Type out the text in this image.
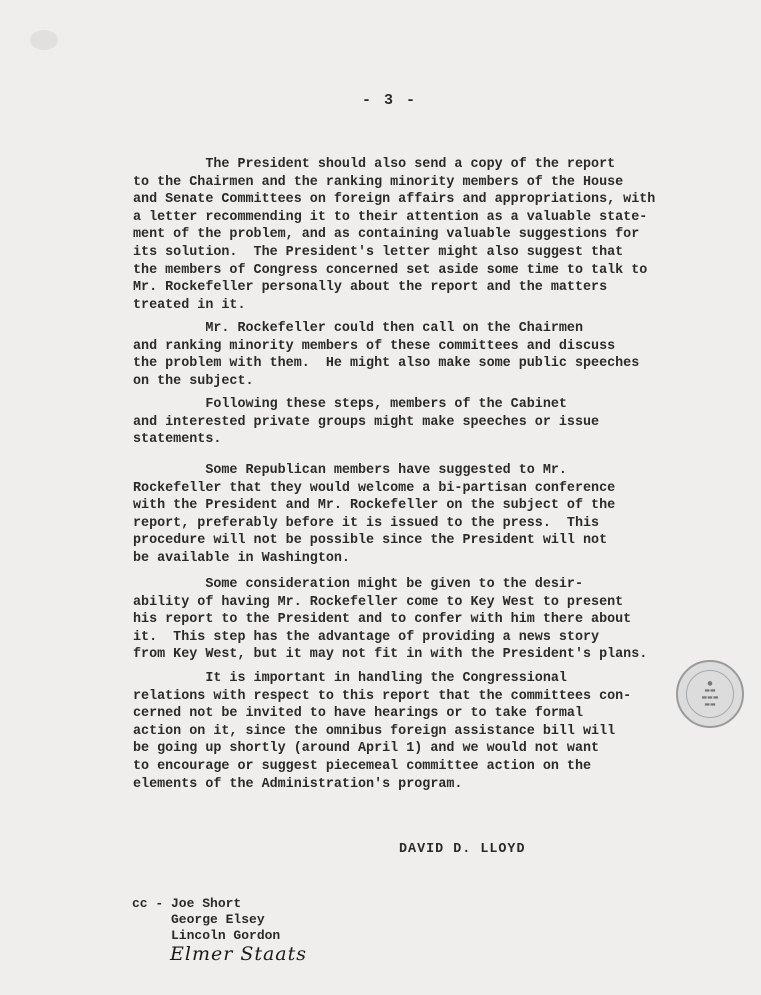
- 3 -

The President should also send a copy of the report
to the Chairmen and the ranking minority members of the House
and Senate Committees on foreign affairs and appropriations, with
a letter recommending it to their attention as a valuable state-
ment of the problem, and as containing valuable suggestions for
its solution.  The President's letter might also suggest that
the members of Congress concerned set aside some time to talk to
Mr. Rockefeller personally about the report and the matters
treated in it.

Mr. Rockefeller could then call on the Chairmen
and ranking minority members of these committees and discuss
the problem with them.  He might also make some public speeches
on the subject.

Following these steps, members of the Cabinet
and interested private groups might make speeches or issue
statements.

Some Republican members have suggested to Mr.
Rockefeller that they would welcome a bi-partisan conference
with the President and Mr. Rockefeller on the subject of the
report, preferably before it is issued to the press.  This
procedure will not be possible since the President will not
be available in Washington.

Some consideration might be given to the desir-
ability of having Mr. Rockefeller come to Key West to present
his report to the President and to confer with him there about
it.  This step has the advantage of providing a news story
from Key West, but it may not fit in with the President's plans.

It is important in handling the Congressional
relations with respect to this report that the committees con-
cerned not be invited to have hearings or to take formal
action on it, since the omnibus foreign assistance bill will
be going up shortly (around April 1) and we would not want
to encourage or suggest piecemeal committee action on the
elements of the Administration's program.

●
▬▬
▬▬▬
▬▬
DAVID D. LLOYD
cc - Joe Short
George Elsey
Lincoln Gordon
Elmer Staats
